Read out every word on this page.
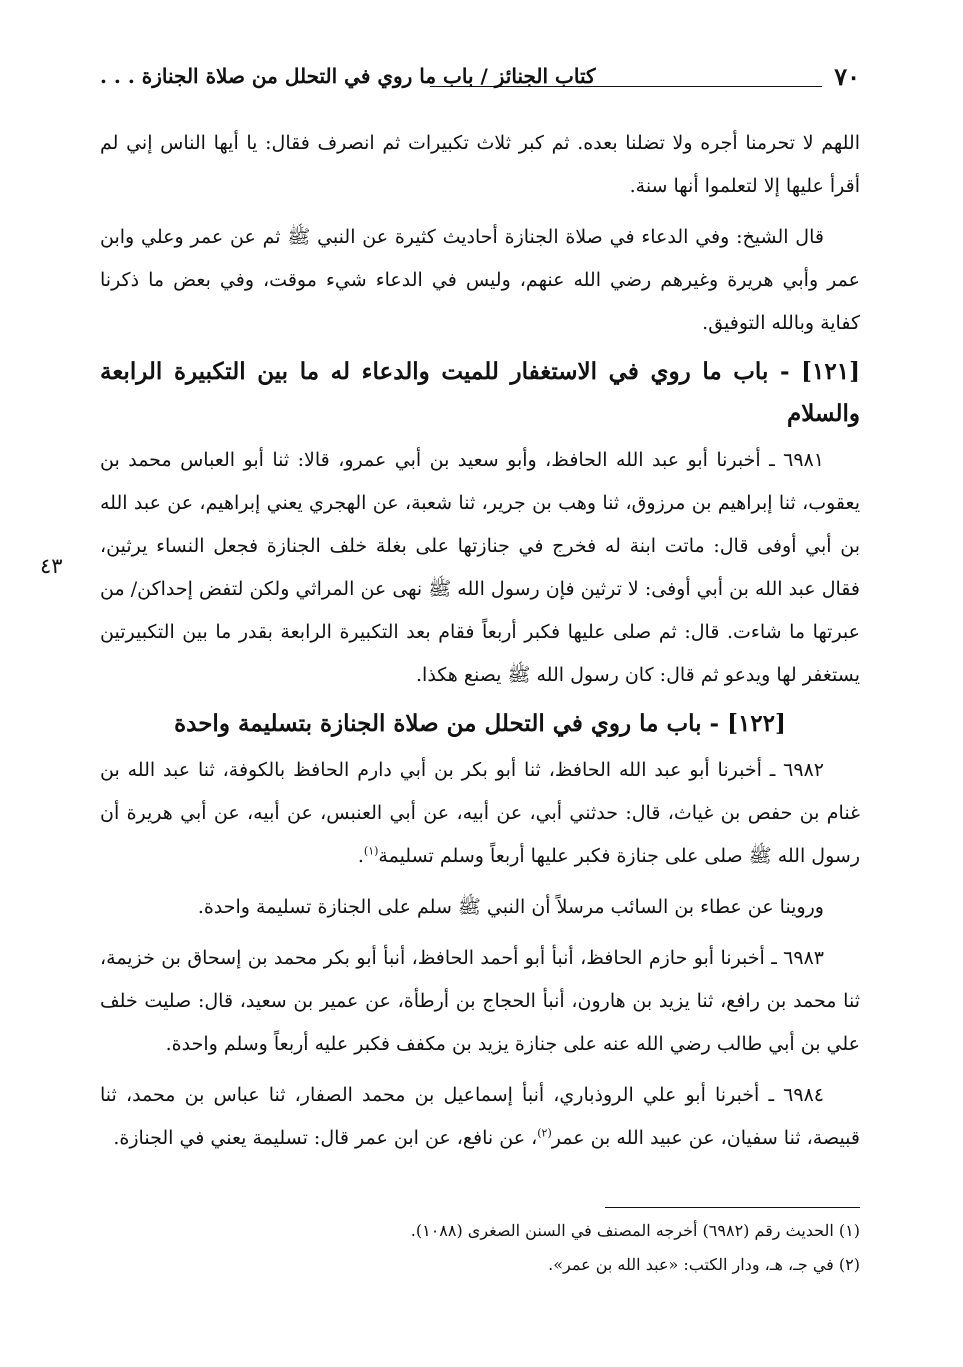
٧٠
كتاب الجنائز / باب ما روي في التحلل من صلاة الجنازة . . .

اللهم لا تحرمنا أجره ولا تضلنا بعده. ثم كبر ثلاث تكبيرات ثم انصرف فقال: يا أيها الناس إني لم أقرأ عليها إلا لتعلموا أنها سنة.

قال الشيخ: وفي الدعاء في صلاة الجنازة أحاديث كثيرة عن النبي ﷺ ثم عن عمر وعلي وابن عمر وأبي هريرة وغيرهم رضي الله عنهم، وليس في الدعاء شيء موقت، وفي بعض ما ذكرنا كفاية وبالله التوفيق.

[١٢١] - باب ما روي في الاستغفار للميت والدعاء له ما بين التكبيرة الرابعة والسلام

٦٩٨١ ـ أخبرنا أبو عبد الله الحافظ، وأبو سعيد بن أبي عمرو، قالا: ثنا أبو العباس محمد بن يعقوب، ثنا إبراهيم بن مرزوق، ثنا وهب بن جرير، ثنا شعبة، عن الهجري يعني إبراهيم، عن عبد الله بن أبي أوفى قال: ماتت ابنة له فخرج في جنازتها على بغلة خلف الجنازة فجعل النساء يرثين، فقال عبد الله بن أبي أوفى: لا ترثين فإن رسول الله ﷺ نهى عن المراثي ولكن لتفض إحداكن/ من عبرتها ما شاءت. قال: ثم صلى عليها فكبر أربعاً فقام بعد التكبيرة الرابعة بقدر ما بين التكبيرتين يستغفر لها ويدعو ثم قال: كان رسول الله ﷺ يصنع هكذا.

[١٢٢] - باب ما روي في التحلل من صلاة الجنازة بتسليمة واحدة

٦٩٨٢ ـ أخبرنا أبو عبد الله الحافظ، ثنا أبو بكر بن أبي دارم الحافظ بالكوفة، ثنا عبد الله بن غنام بن حفص بن غياث، قال: حدثني أبي، عن أبيه، عن أبي العنبس، عن أبيه، عن أبي هريرة أن رسول الله ﷺ صلى على جنازة فكبر عليها أربعاً وسلم تسليمة$^{(١)}$.

وروينا عن عطاء بن السائب مرسلاً أن النبي ﷺ سلم على الجنازة تسليمة واحدة.

٦٩٨٣ ـ أخبرنا أبو حازم الحافظ، أنبأ أبو أحمد الحافظ، أنبأ أبو بكر محمد بن إسحاق بن خزيمة، ثنا محمد بن رافع، ثنا يزيد بن هارون، أنبأ الحجاج بن أرطأة، عن عمير بن سعيد، قال: صليت خلف علي بن أبي طالب رضي الله عنه على جنازة يزيد بن مكفف فكبر عليه أربعاً وسلم واحدة.

٦٩٨٤ ـ أخبرنا أبو علي الروذباري، أنبأ إسماعيل بن محمد الصفار، ثنا عباس بن محمد، ثنا قبيصة، ثنا سفيان، عن عبيد الله بن عمر$^{(٢)}$، عن نافع، عن ابن عمر قال: تسليمة يعني في الجنازة.

٤٣

(١) الحديث رقم (٦٩٨٢) أخرجه المصنف في السنن الصغرى (١٠٨٨).

(٢) في جـ، هـ، ودار الكتب: «عبد الله بن عمر».
